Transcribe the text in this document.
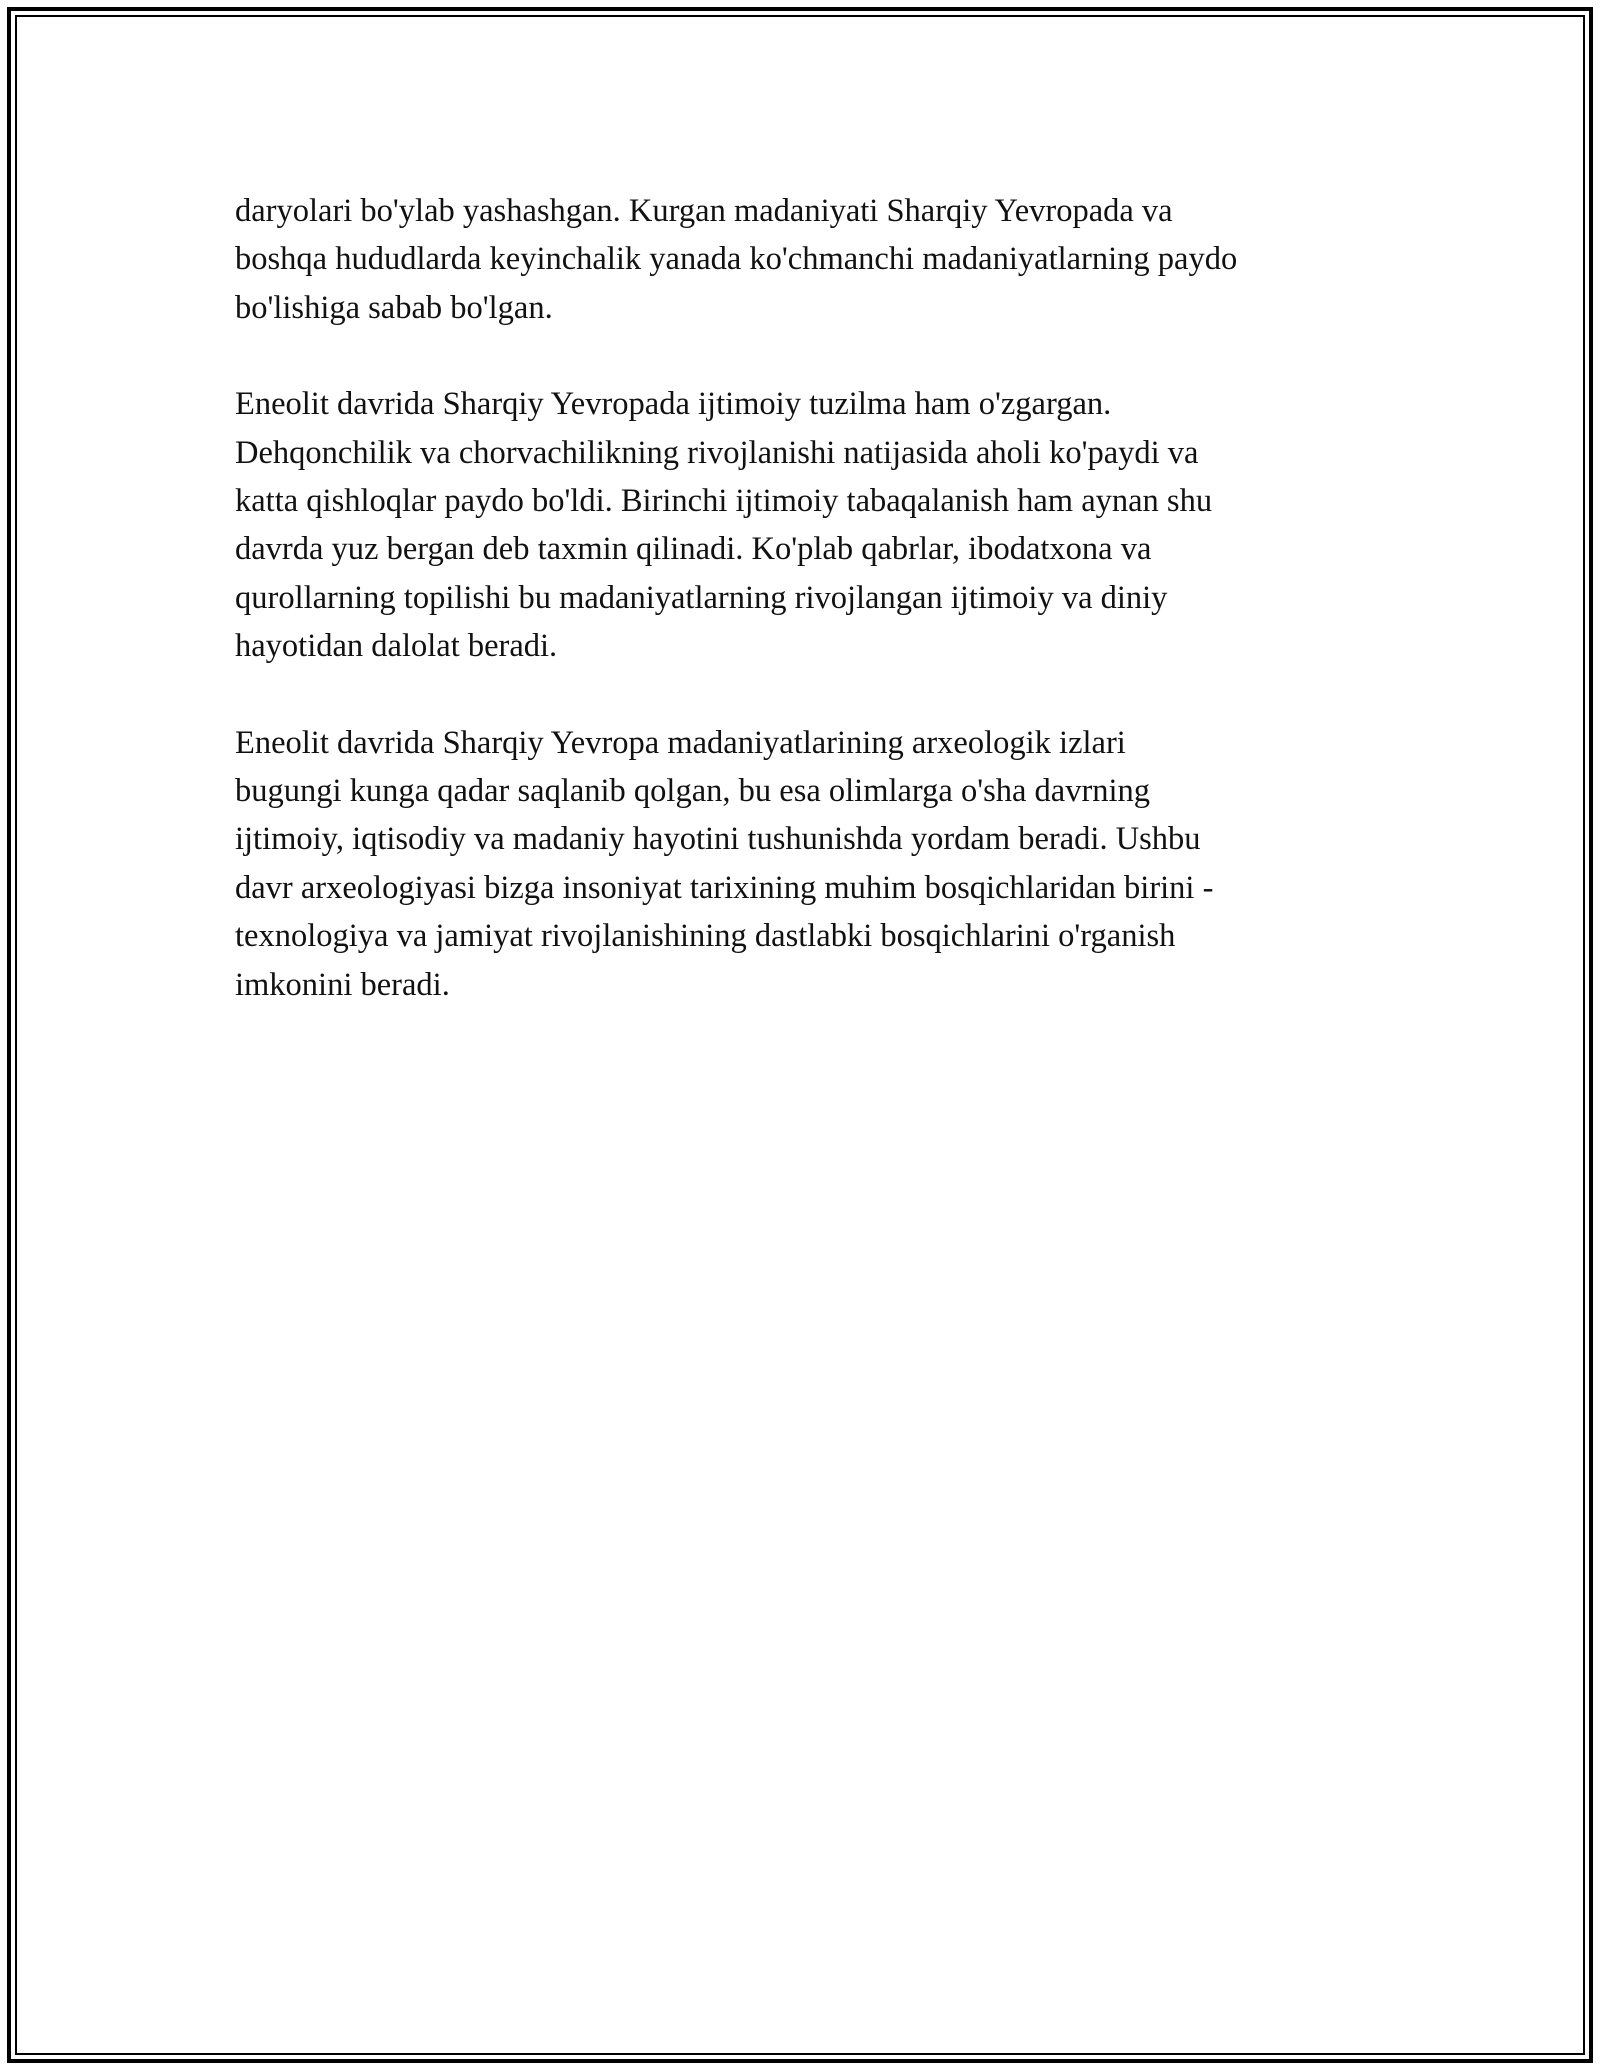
daryolari bo'ylab yashashgan. Kurgan madaniyati Sharqiy Yevropada va
boshqa hududlarda keyinchalik yanada ko'chmanchi madaniyatlarning paydo
bo'lishiga sabab bo'lgan.

Eneolit davrida Sharqiy Yevropada ijtimoiy tuzilma ham o'zgargan.
Dehqonchilik va chorvachilikning rivojlanishi natijasida aholi ko'paydi va
katta qishloqlar paydo bo'ldi. Birinchi ijtimoiy tabaqalanish ham aynan shu
davrda yuz bergan deb taxmin qilinadi. Ko'plab qabrlar, ibodatxona va
qurollarning topilishi bu madaniyatlarning rivojlangan ijtimoiy va diniy
hayotidan dalolat beradi.

Eneolit davrida Sharqiy Yevropa madaniyatlarining arxeologik izlari
bugungi kunga qadar saqlanib qolgan, bu esa olimlarga o'sha davrning
ijtimoiy, iqtisodiy va madaniy hayotini tushunishda yordam beradi. Ushbu
davr arxeologiyasi bizga insoniyat tarixining muhim bosqichlaridan birini -
texnologiya va jamiyat rivojlanishining dastlabki bosqichlarini o'rganish
imkonini beradi.
